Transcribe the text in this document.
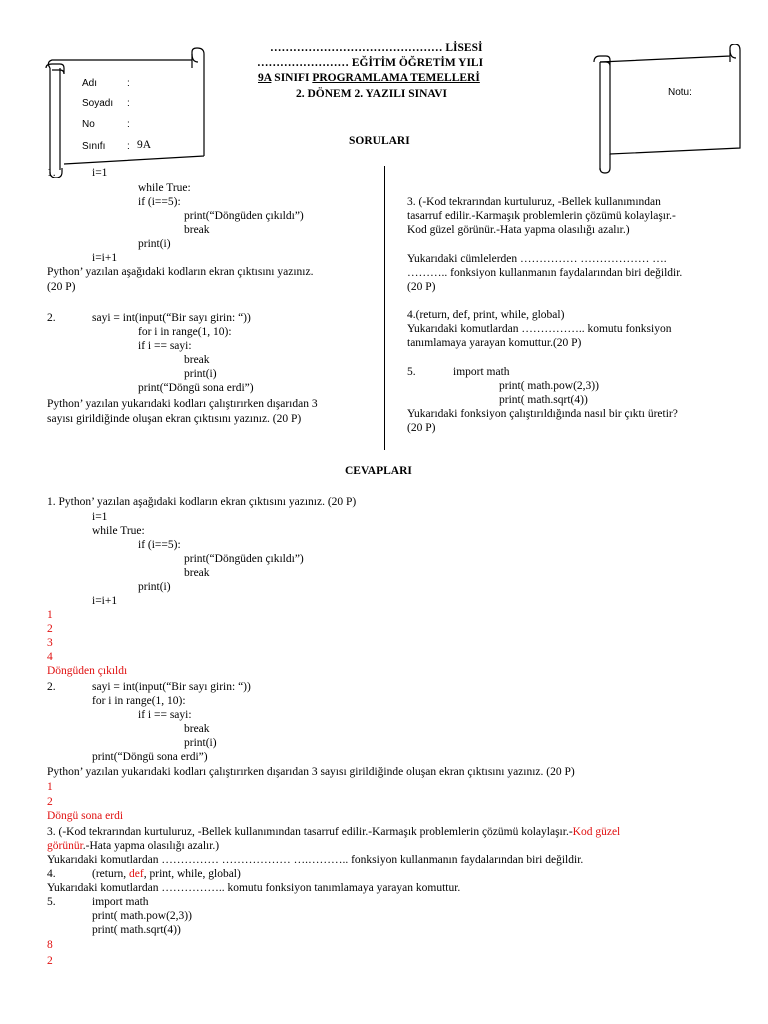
……………………………………… LİSESİ
…………………… EĞİTİM ÖĞRETİM YILI
9A SINIFI PROGRAMLAMA TEMELLERİ
2. DÖNEM 2. YAZILI SINAVI
Adı	:
Soyadı :
No	:
Sınıfı : 9A
Notu:
SORULARI
1.	i=1
while True:
if (i==5):
print(“Döngüden çıkıldı”)
break
print(i)
i=i+1
Python’ yazılan aşağıdaki kodların ekran çıktısını yazınız.
(20 P)
2.	sayi = int(input(“Bir sayı girin: “))
for i in range(1, 10):
if i == sayi:
break
print(i)
print(“Döngü sona erdi”)
Python’ yazılan yukarıdaki kodları çalıştırırken dışarıdan 3
sayısı girildiğinde oluşan ekran çıktısını yazınız. (20 P)
3. (-Kod tekrarından kurtuluruz, -Bellek kullanımından
tasarruf edilir.-Karmaşık problemlerin çözümü kolaylaşır.-
Kod güzel görünür.-Hata yapma olasılığı azalır.)
Yukarıdaki cümlelerden …………… ……………… ….
……….. fonksiyon kullanmanın faydalarından biri değildir.
(20 P)
4.(return, def, print, while, global)
Yukarıdaki komutlardan …………….. komutu fonksiyon
tanımlamaya yarayan komuttur.(20 P)
5.	import math
print( math.pow(2,3))
print( math.sqrt(4))
Yukarıdaki fonksiyon çalıştırıldığında nasıl bir çıktı üretir?
(20 P)
CEVAPLARI
1. Python’ yazılan aşağıdaki kodların ekran çıktısını yazınız. (20 P)
i=1
while True:
if (i==5):
print(“Döngüden çıkıldı”)
break
print(i)
i=i+1
1
2
3
4
Döngüden çıkıldı
2.	sayi = int(input(“Bir sayı girin: “))
for i in range(1, 10):
if i == sayi:
break
print(i)
print(“Döngü sona erdi”)
Python’ yazılan yukarıdaki kodları çalıştırırken dışarıdan 3 sayısı girildiğinde oluşan ekran çıktısını yazınız. (20 P)
1
2
Döngü sona erdi
3. (-Kod tekrarından kurtuluruz, -Bellek kullanımından tasarruf edilir.-Karmaşık problemlerin çözümü kolaylaşır.-Kod güzel
görünür.-Hata yapma olasılığı azalır.)
Yukarıdaki komutlardan …………… ……………… ….……….. fonksiyon kullanmanın faydalarından biri değildir.
4.	(return, def, print, while, global)
Yukarıdaki komutlardan …………….. komutu fonksiyon tanımlamaya yarayan komuttur.
5.	import math
print( math.pow(2,3))
print( math.sqrt(4))
8
2
